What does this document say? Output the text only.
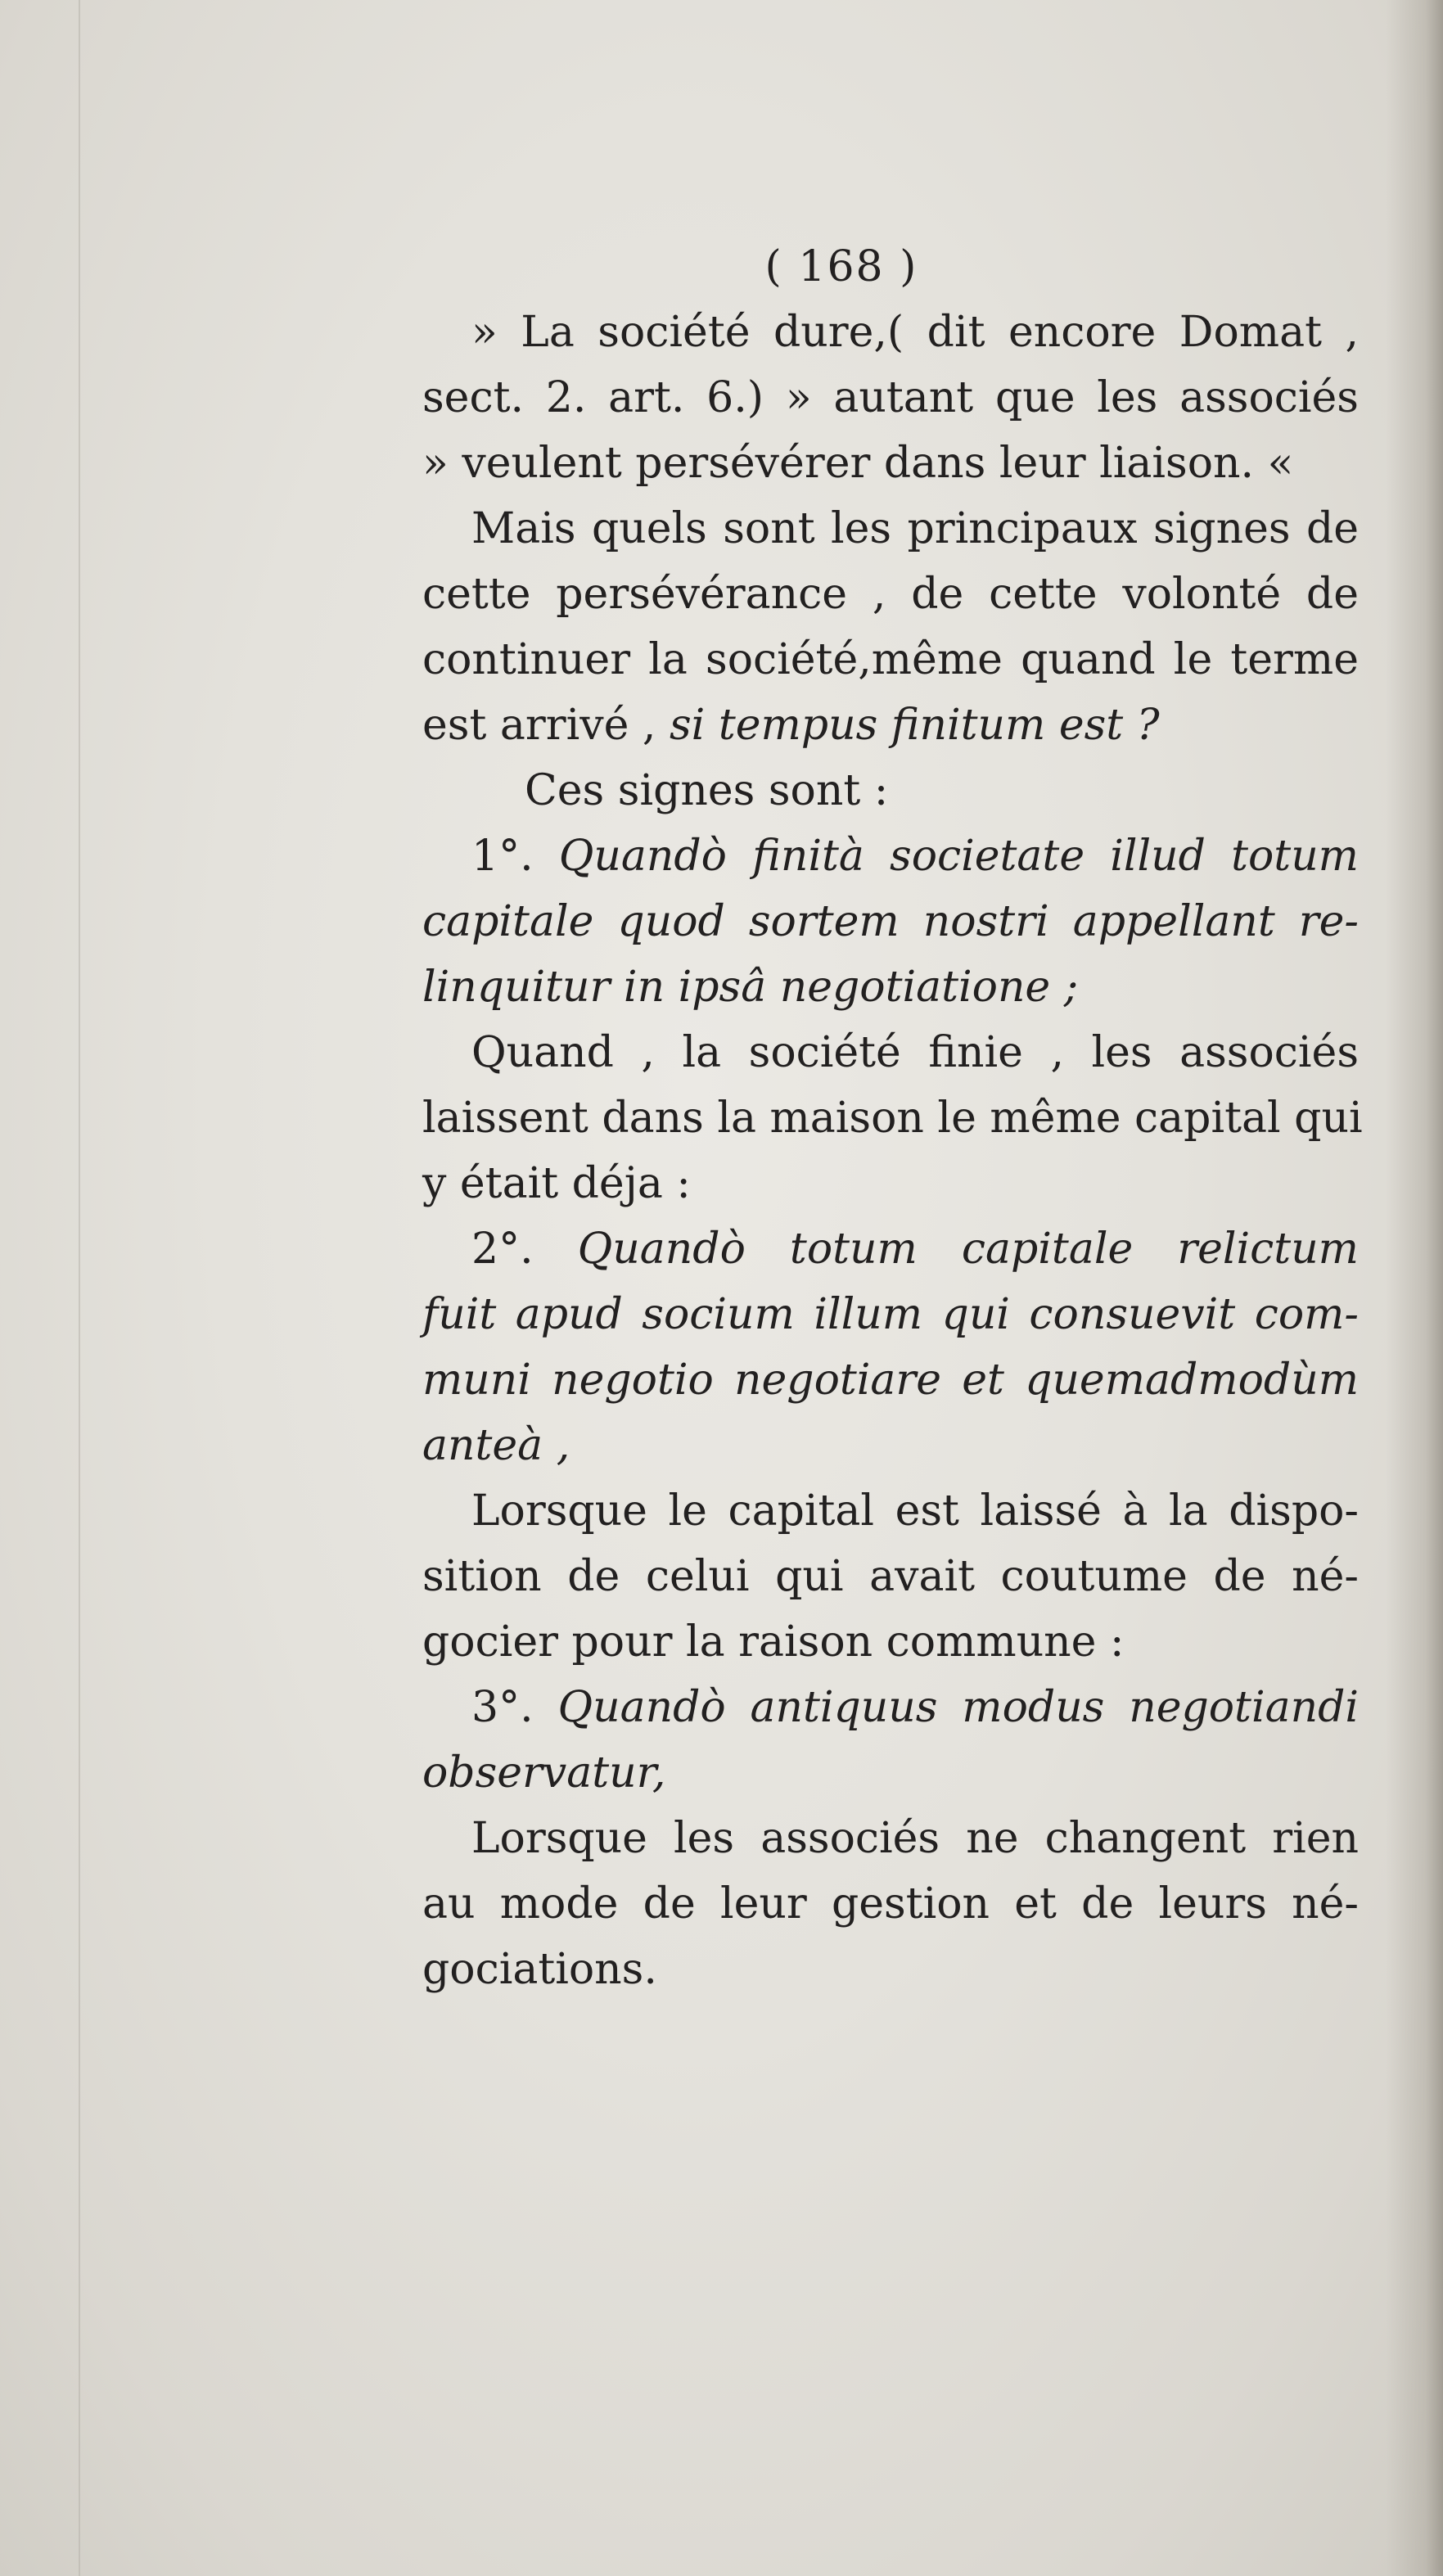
( 168 )
» La société dure,( dit encore Domat ,
sect. 2. art. 6.) » autant que les associés
» veulent persévérer dans leur liaison. «
Mais quels sont les principaux signes de
cette persévérance , de cette volonté de
continuer la société,même quand le terme
est arrivé , si tempus finitum est ?
Ces signes sont :
1°. Quandò finità societate illud totum
capitale quod sortem nostri appellant re-
linquitur in ipsâ negotiatione ;
Quand , la société finie , les associés
laissent dans la maison le même capital qui
y était déja :
2°. Quandò totum capitale relictum
fuit apud socium illum qui consuevit com-
muni negotio negotiare et quemadmodùm
anteà ,
Lorsque le capital est laissé à la dispo-
sition de celui qui avait coutume de né-
gocier pour la raison commune :
3°. Quandò antiquus modus negotiandi
observatur,
Lorsque les associés ne changent rien
au mode de leur gestion et de leurs né-
gociations.
